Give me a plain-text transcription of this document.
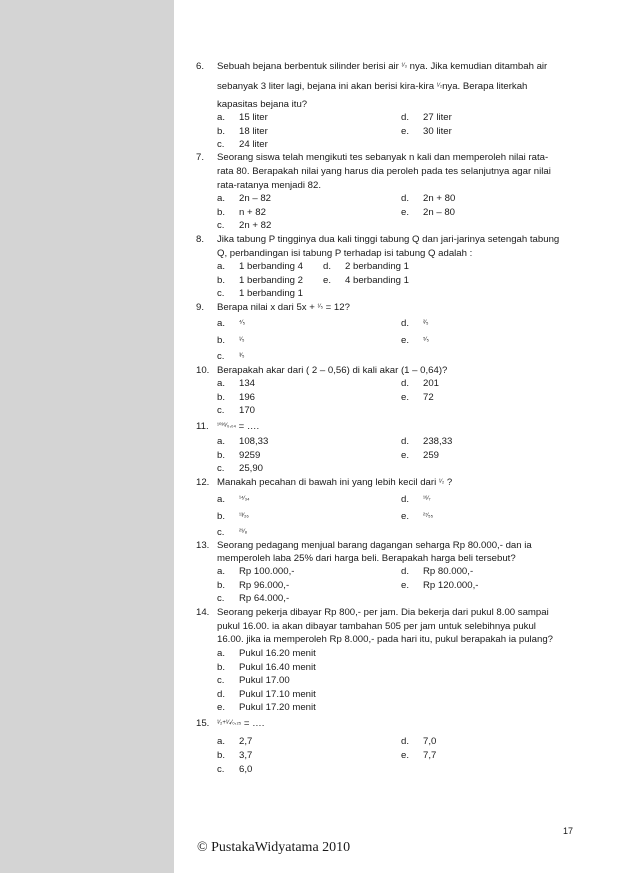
6. Sebuah bejana berbentuk silinder berisi air ¹⁄₃ nya. Jika kemudian ditambah air
sebanyak 3 liter lagi, bejana ini akan berisi kira-kira ¹⁄₂nya. Berapa literkah
kapasitas bejana itu?
a. 15 liter	d. 27 liter
b. 18 liter	e. 30 liter
c. 24 liter
7. Seorang siswa telah mengikuti tes sebanyak n kali dan memperoleh nilai rata-
rata 80. Berapakah nilai yang harus dia peroleh pada tes selanjutnya agar nilai
rata-ratanya menjadi 82.
a. 2n – 82	d. 2n + 80
b. n + 82	e. 2n – 80
c. 2n + 82
8. Jika tabung P tingginya dua kali tinggi tabung Q dan jari-jarinya setengah tabung
Q, perbandingan isi tabung P terhadap isi tabung Q adalah :
a. 1 berbanding 4 d. 2 berbanding 1
b. 1 berbanding 2 e. 4 berbanding 1
c. 1 berbanding 1
9. Berapa nilai x dari 5x + ¹⁄₅ = 12?
a. ⁴⁄₅	d. ²⁄₅
b. ¹⁄₅	e. ⁵⁄₅
c. ³⁄₅
10. Berapakah akar dari ( 2 – 0,56) di kali akar (1 – 0,64)?
a. 134	d. 201
b. 196	e. 72
c. 170
11. ¹⁰³⁶⁄₀,₀₄ = ….
a. 108,33	d. 238,33
b. 9259	e. 259
c. 25,90
12. Manakah pecahan di bawah ini yang lebih kecil dari ¹⁄₂ ?
a. ¹⁴⁄₃₄	d. ¹⁶⁄₇
b. ¹³⁄₂₆	e. ²⁷⁄₅₅
c. ²⁹⁄₈
13. Seorang pedagang menjual barang dagangan seharga Rp 80.000,- dan ia
memperoleh laba 25% dari harga beli. Berapakah harga beli tersebut?
a. Rp 100.000,-	d. Rp 80.000,-
b. Rp 96.000,-	e. Rp 120.000,-
c. Rp 64.000,-
14. Seorang pekerja dibayar Rp 800,- per jam. Dia bekerja dari pukul 8.00 sampai
pukul 16.00. ia akan dibayar tambahan 505 per jam untuk selebihnya pukul
16.00. jika ia memperoleh Rp 8.000,- pada hari itu, pukul berapakah ia pulang?
a. Pukul 16.20 menit
b. Pukul 16.40 menit
c. Pukul 17.00
d. Pukul 17.10 menit
e. Pukul 17.20 menit
15. ¹⁄₂+¹⁄₄⁄₀,₂₅ = ….
a. 2,7	d. 7,0
b. 3,7	e. 7,7
c. 6,0
17
© PustakaWidyatama 2010
